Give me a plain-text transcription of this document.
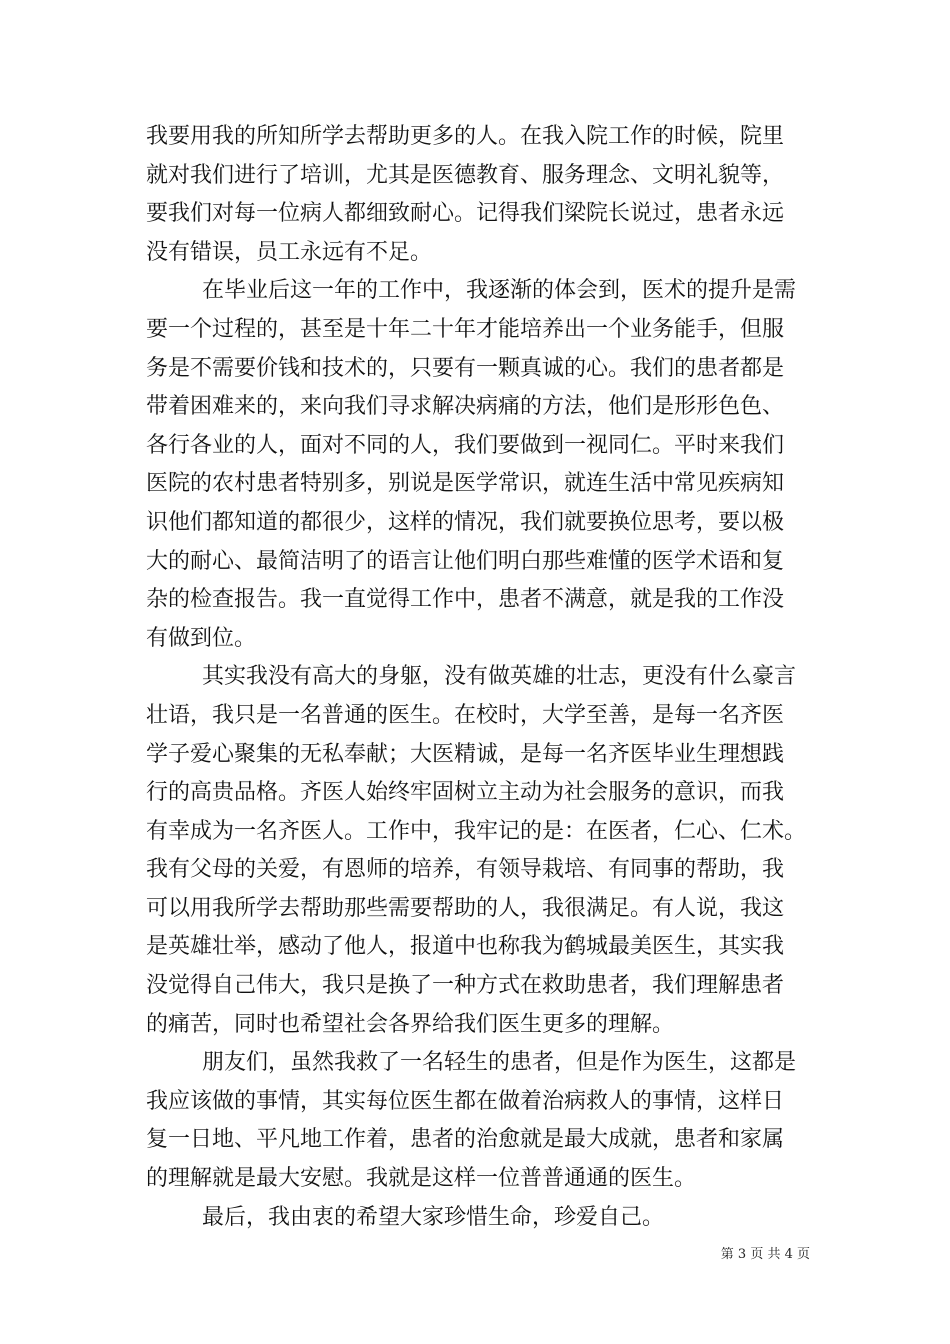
我要用我的所知所学去帮助更多的人。在我入院工作的时候，院里
就对我们进行了培训，尤其是医德教育、服务理念、文明礼貌等，
要我们对每一位病人都细致耐心。记得我们梁院长说过，患者永远
没有错误，员工永远有不足。
在毕业后这一年的工作中，我逐渐的体会到，医术的提升是需
要一个过程的，甚至是十年二十年才能培养出一个业务能手，但服
务是不需要价钱和技术的，只要有一颗真诚的心。我们的患者都是
带着困难来的，来向我们寻求解决病痛的方法，他们是形形色色、
各行各业的人，面对不同的人，我们要做到一视同仁。平时来我们
医院的农村患者特别多，别说是医学常识，就连生活中常见疾病知
识他们都知道的都很少，这样的情况，我们就要换位思考，要以极
大的耐心、最简洁明了的语言让他们明白那些难懂的医学术语和复
杂的检查报告。我一直觉得工作中，患者不满意，就是我的工作没
有做到位。
其实我没有高大的身躯，没有做英雄的壮志，更没有什么豪言
壮语，我只是一名普通的医生。在校时，大学至善，是每一名齐医
学子爱心聚集的无私奉献；大医精诚，是每一名齐医毕业生理想践
行的高贵品格。齐医人始终牢固树立主动为社会服务的意识，而我
有幸成为一名齐医人。工作中，我牢记的是：在医者，仁心、仁术。
我有父母的关爱，有恩师的培养，有领导栽培、有同事的帮助，我
可以用我所学去帮助那些需要帮助的人，我很满足。有人说，我这
是英雄壮举，感动了他人，报道中也称我为鹤城最美医生，其实我
没觉得自己伟大，我只是换了一种方式在救助患者，我们理解患者
的痛苦，同时也希望社会各界给我们医生更多的理解。
朋友们，虽然我救了一名轻生的患者，但是作为医生，这都是
我应该做的事情，其实每位医生都在做着治病救人的事情，这样日
复一日地、平凡地工作着，患者的治愈就是最大成就，患者和家属
的理解就是最大安慰。我就是这样一位普普通通的医生。
最后，我由衷的希望大家珍惜生命，珍爱自己。
第 3 页 共 4 页
